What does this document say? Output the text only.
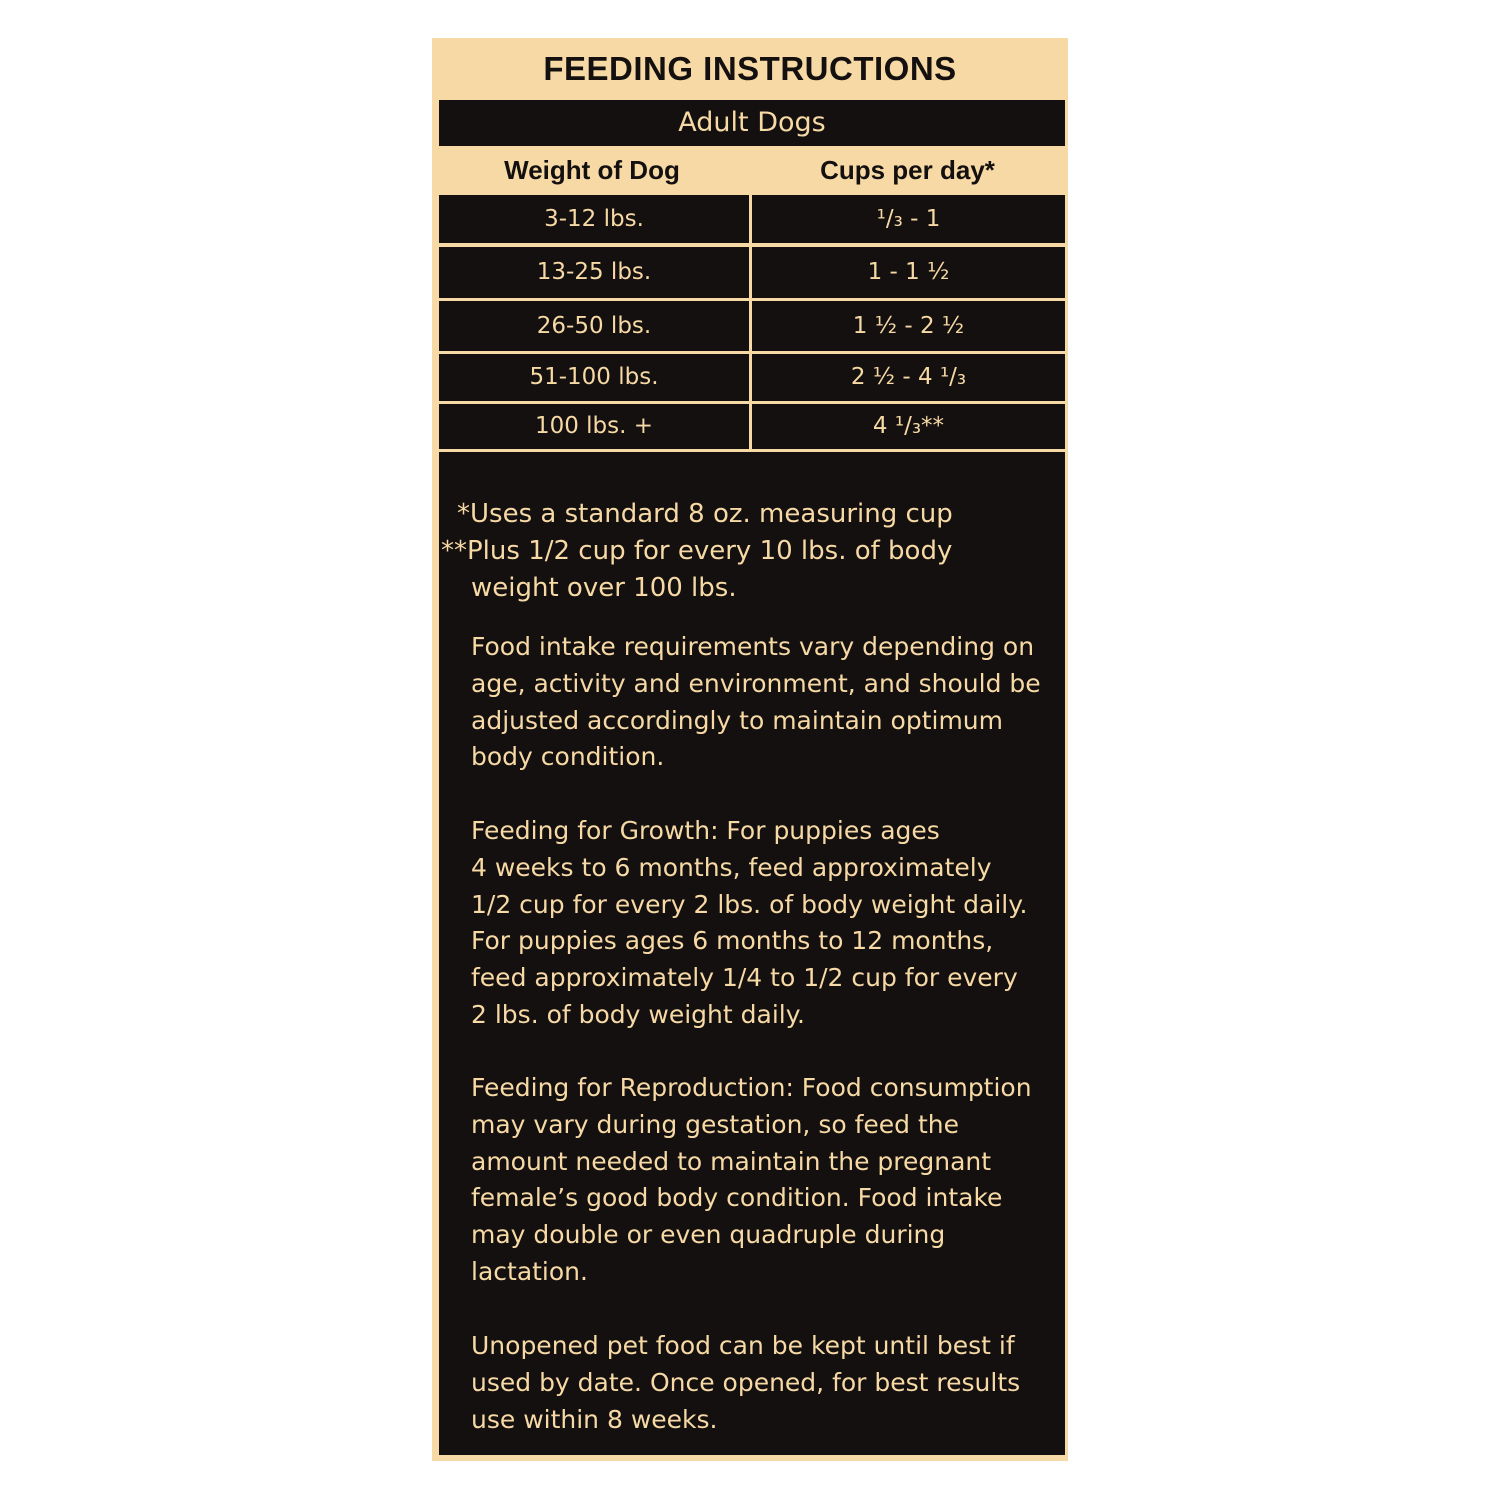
FEEDING INSTRUCTIONS
Adult Dogs
Weight of Dog	Cups per day*
3-12 lbs.	¹/₃ - 1
13-25 lbs.	1 - 1 ½
26-50 lbs.	1 ½ - 2 ½
51-100 lbs.	2 ½ - 4 ¹/₃
100 lbs. +	4 ¹/₃**
*Uses a standard 8 oz. measuring cup
**Plus 1/2 cup for every 10 lbs. of body
weight over 100 lbs.
Food intake requirements vary depending on
age, activity and environment, and should be
adjusted accordingly to maintain optimum
body condition.
Feeding for Growth: For puppies ages
4 weeks to 6 months, feed approximately
1/2 cup for every 2 lbs. of body weight daily.
For puppies ages 6 months to 12 months,
feed approximately 1/4 to 1/2 cup for every
2 lbs. of body weight daily.
Feeding for Reproduction: Food consumption
may vary during gestation, so feed the
amount needed to maintain the pregnant
female’s good body condition. Food intake
may double or even quadruple during
lactation.
Unopened pet food can be kept until best if
used by date. Once opened, for best results
use within 8 weeks.
